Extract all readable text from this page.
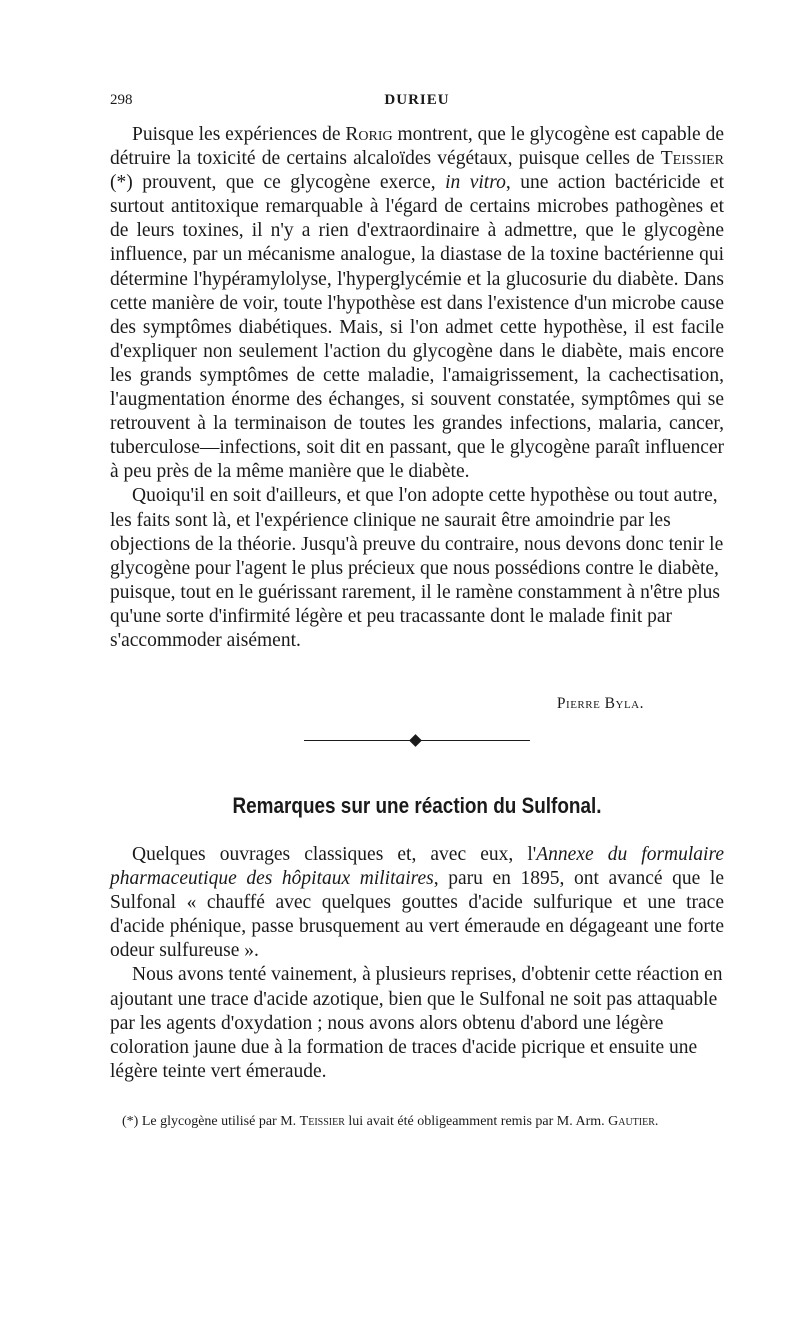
298	DURIEU

Puisque les expériences de Rorig montrent, que le glycogène est capable de détruire la toxicité de certains alcaloïdes végétaux, puisque celles de Teissier (*) prouvent, que ce glycogène exerce, in vitro, une action bactéricide et surtout antitoxique remarquable à l'égard de certains microbes pathogènes et de leurs toxines, il n'y a rien d'extraordinaire à admettre, que le glycogène influence, par un mécanisme analogue, la diastase de la toxine bactérienne qui détermine l'hypéramylolyse, l'hyperglycémie et la glucosurie du diabète. Dans cette manière de voir, toute l'hypothèse est dans l'existence d'un microbe cause des symptômes diabétiques. Mais, si l'on admet cette hypothèse, il est facile d'expliquer non seulement l'action du glycogène dans le diabète, mais encore les grands symptômes de cette maladie, l'amaigrissement, la cachectisation, l'augmentation énorme des échanges, si souvent constatée, symptômes qui se retrouvent à la terminaison de toutes les grandes infections, malaria, cancer, tuberculose—infections, soit dit en passant, que le glycogène paraît influencer à peu près de la même manière que le diabète.

Quoiqu'il en soit d'ailleurs, et que l'on adopte cette hypothèse ou tout autre, les faits sont là, et l'expérience clinique ne saurait être amoindrie par les objections de la théorie. Jusqu'à preuve du contraire, nous devons donc tenir le glycogène pour l'agent le plus précieux que nous possédions contre le diabète, puisque, tout en le guérissant rarement, il le ramène constamment à n'être plus qu'une sorte d'infirmité légère et peu tracassante dont le malade finit par s'accommoder aisément.

Pierre Byla.
Remarques sur une réaction du Sulfonal.

Quelques ouvrages classiques et, avec eux, l'Annexe du formulaire pharmaceutique des hôpitaux militaires, paru en 1895, ont avancé que le Sulfonal « chauffé avec quelques gouttes d'acide sulfurique et une trace d'acide phénique, passe brusquement au vert émeraude en dégageant une forte odeur sulfureuse ».

Nous avons tenté vainement, à plusieurs reprises, d'obtenir cette réaction en ajoutant une trace d'acide azotique, bien que le Sulfonal ne soit pas attaquable par les agents d'oxydation ; nous avons alors obtenu d'abord une légère coloration jaune due à la formation de traces d'acide picrique et ensuite une légère teinte vert émeraude.

(*) Le glycogène utilisé par M. Teissier lui avait été obligeamment remis par M. Arm. Gautier.
